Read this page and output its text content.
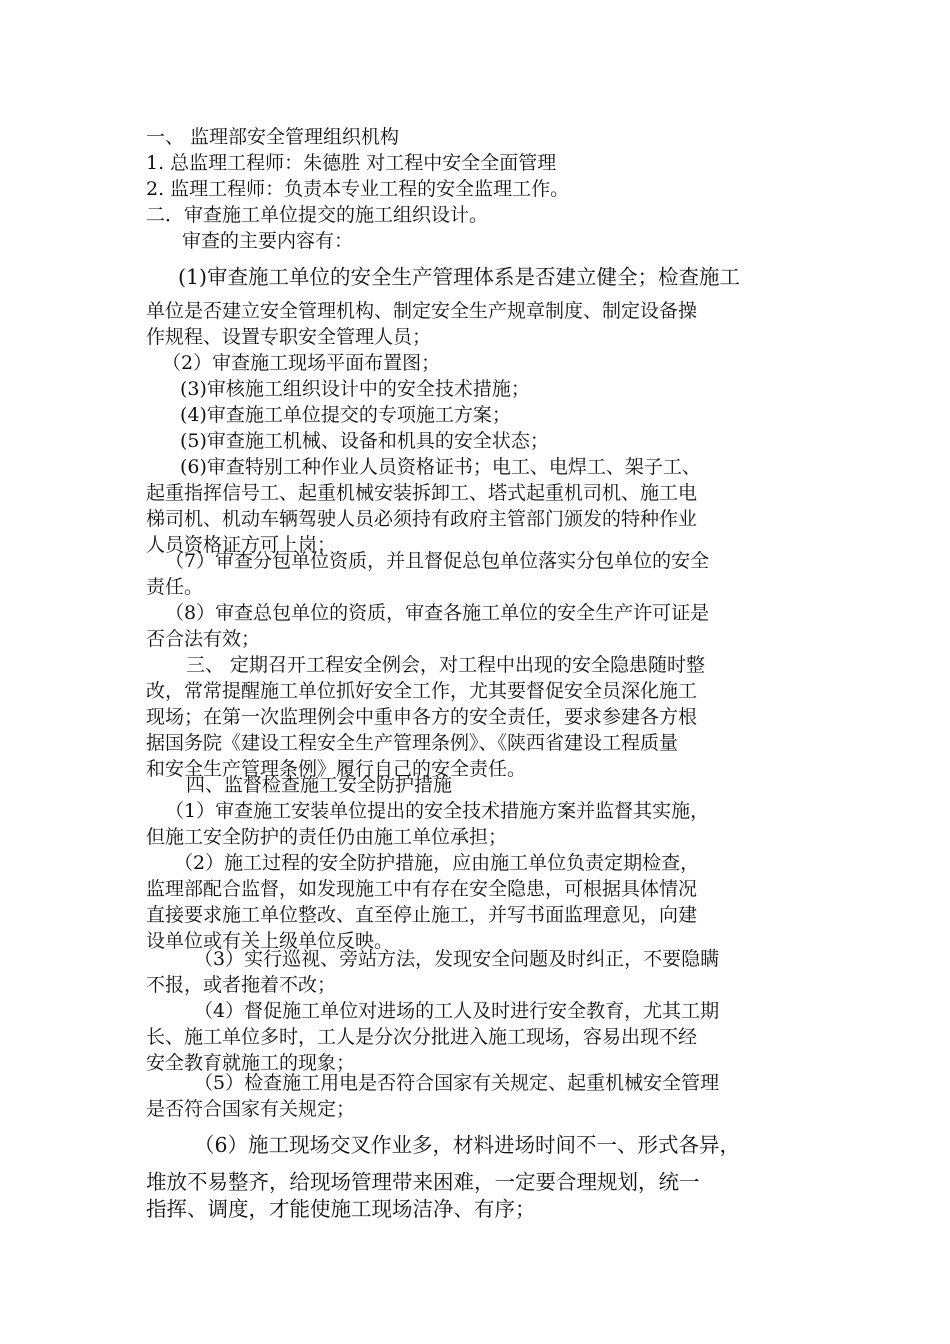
一、 监理部安全管理组织机构
1. 总监理工程师：朱德胜 对工程中安全全面管理
2. 监理工程师：负责本专业工程的安全监理工作。
二．审查施工单位提交的施工组织设计。
审查的主要内容有：
(1)审查施工单位的安全生产管理体系是否建立健全；检查施工
单位是否建立安全管理机构、制定安全生产规章制度、制定设备操
作规程、设置专职安全管理人员；
（2）审查施工现场平面布置图；
(3)审核施工组织设计中的安全技术措施；
(4)审查施工单位提交的专项施工方案；
(5)审查施工机械、设备和机具的安全状态；
(6)审查特别工种作业人员资格证书；电工、电焊工、架子工、
起重指挥信号工、起重机械安装拆卸工、塔式起重机司机、施工电
梯司机、机动车辆驾驶人员必须持有政府主管部门颁发的特种作业
人员资格证方可上岗；
（7）审查分包单位资质，并且督促总包单位落实分包单位的安全
责任。
（8）审查总包单位的资质，审查各施工单位的安全生产许可证是
否合法有效；
三、 定期召开工程安全例会，对工程中出现的安全隐患随时整
改，常常提醒施工单位抓好安全工作，尤其要督促安全员深化施工
现场；在第一次监理例会中重申各方的安全责任，要求参建各方根
据国务院《建设工程安全生产管理条例》、《陕西省建设工程质量
和安全生产管理条例》履行自己的安全责任。
四、监督检查施工安全防护措施
（1）审查施工安装单位提出的安全技术措施方案并监督其实施，
但施工安全防护的责任仍由施工单位承担；
（2）施工过程的安全防护措施，应由施工单位负责定期检查，
监理部配合监督，如发现施工中有存在安全隐患，可根据具体情况
直接要求施工单位整改、直至停止施工，并写书面监理意见，向建
设单位或有关上级单位反映。
（3）实行巡视、旁站方法，发现安全问题及时纠正，不要隐瞒
不报，或者拖着不改；
（4）督促施工单位对进场的工人及时进行安全教育，尤其工期
长、施工单位多时，工人是分次分批进入施工现场，容易出现不经
安全教育就施工的现象；
（5）检查施工用电是否符合国家有关规定、起重机械安全管理
是否符合国家有关规定；
（6）施工现场交叉作业多，材料进场时间不一、形式各异，
堆放不易整齐，给现场管理带来困难，一定要合理规划，统一
指挥、调度，才能使施工现场洁净、有序；
